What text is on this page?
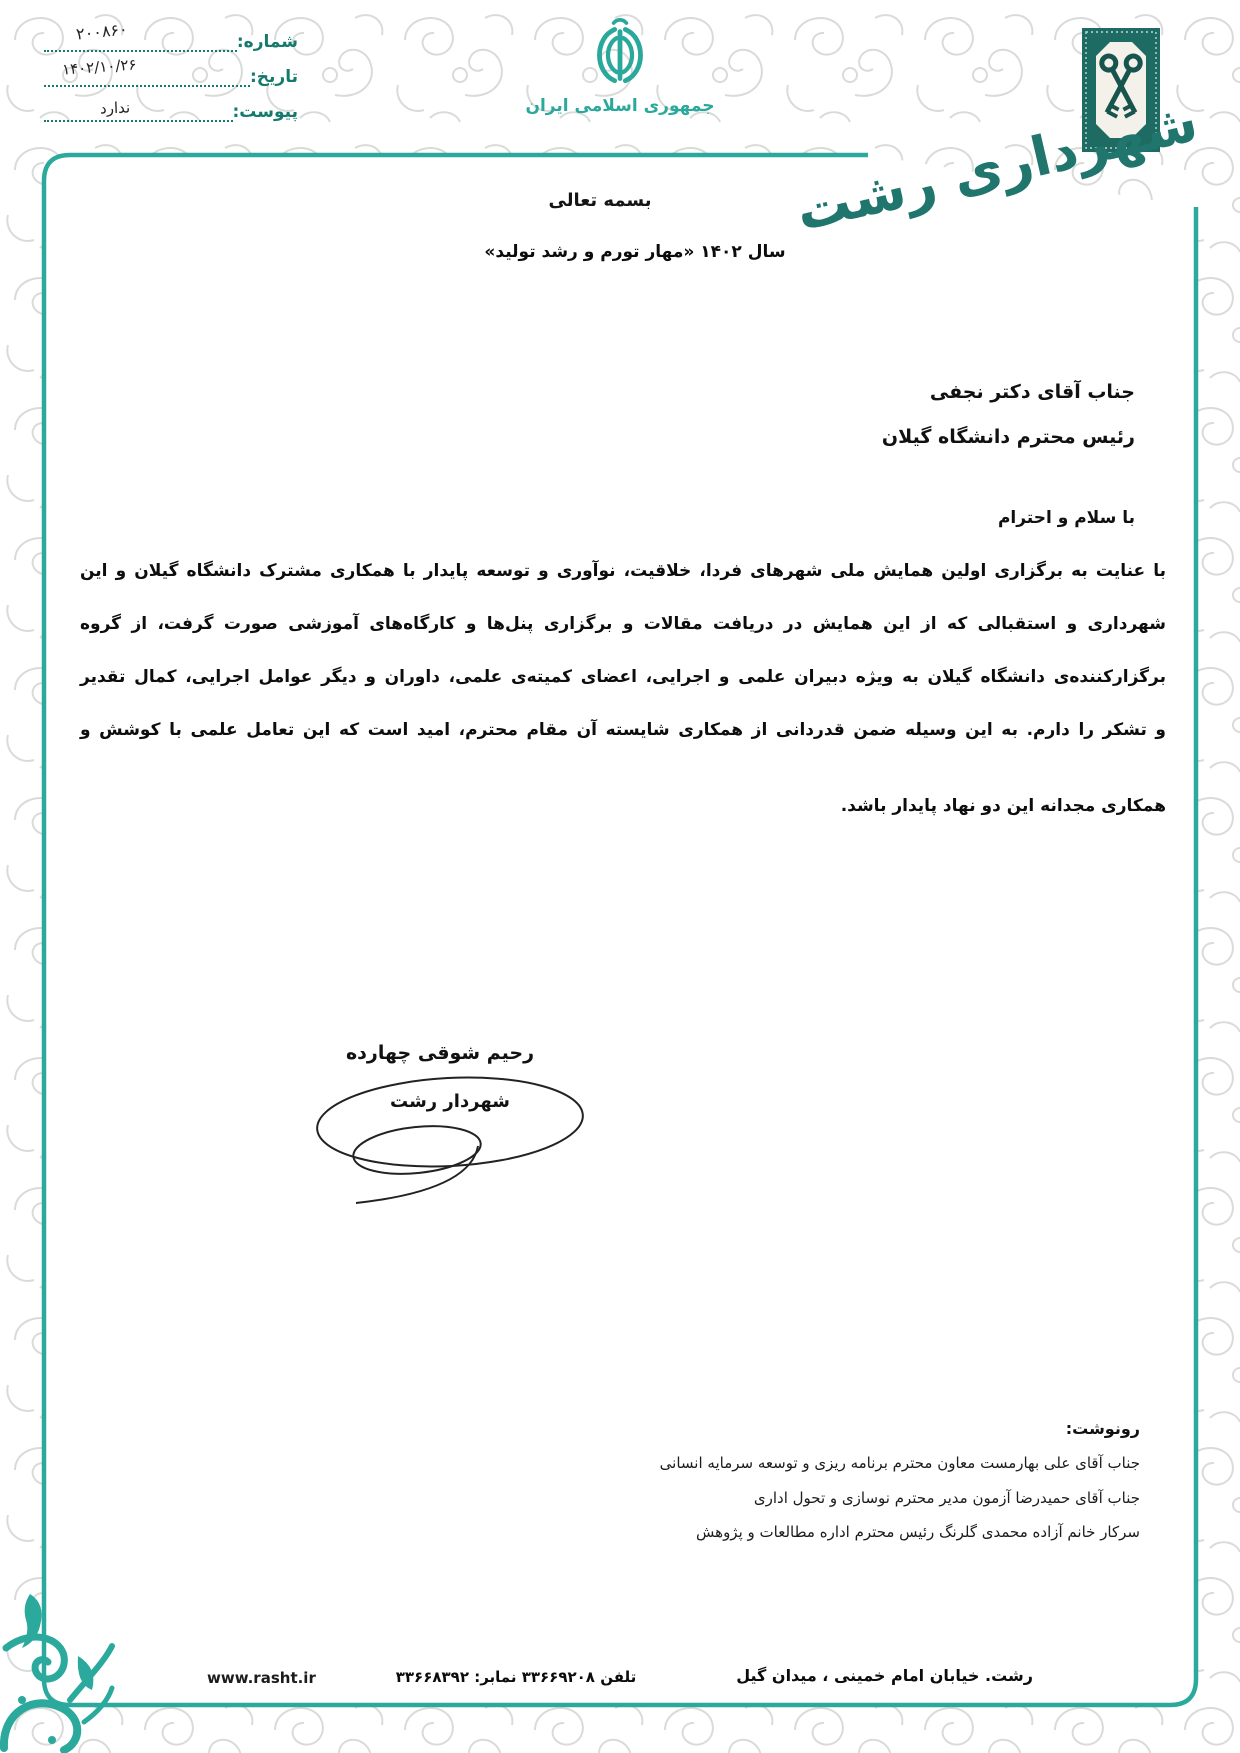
شماره:
تاریخ:
پیوست:
۲۰۰۸۶۰
۱۴۰۲/۱۰/۲۶
ندارد	جمهوری اسلامی ایران	شهرداری رشت
بسمه تعالی
سال ۱۴۰۲ «مهار تورم و رشد تولید»
جناب آقای دکتر نجفی
رئیس محترم دانشگاه گیلان
با سلام و احترام
با عنایت به برگزاری اولین همایش ملی شهرهای فردا، خلاقیت، نوآوری و توسعه پایدار با همکاری مشترک دانشگاه گیلان و این
شهرداری و استقبالی که از این همایش در دریافت مقالات و برگزاری پنل‌ها و کارگاه‌های آموزشی صورت گرفت، از گروه
برگزارکننده‌ی دانشگاه گیلان به ویژه دبیران علمی و اجرایی، اعضای کمیته‌ی علمی، داوران و دیگر عوامل اجرایی، کمال تقدیر
و تشکر را دارم. به این وسیله ضمن قدردانی از همکاری شایسته آن مقام محترم، امید است که این تعامل علمی با کوشش و
همکاری مجدانه این دو نهاد پایدار باشد.
رحیم شوقی چهارده
شهردار رشت
رونوشت:
جناب آقای علی بهارمست معاون محترم برنامه ریزی و توسعه سرمایه انسانی
جناب آقای حمیدرضا آزمون مدیر محترم نوسازی و تحول اداری
سرکار خانم آزاده محمدی گلرنگ رئیس محترم اداره مطالعات و پژوهش
رشت. خیابان امام خمینی ، میدان گیل
تلفن ۳۳۶۶۹۲۰۸ نمابر: ۳۳۶۶۸۳۹۲
www.rasht.ir
